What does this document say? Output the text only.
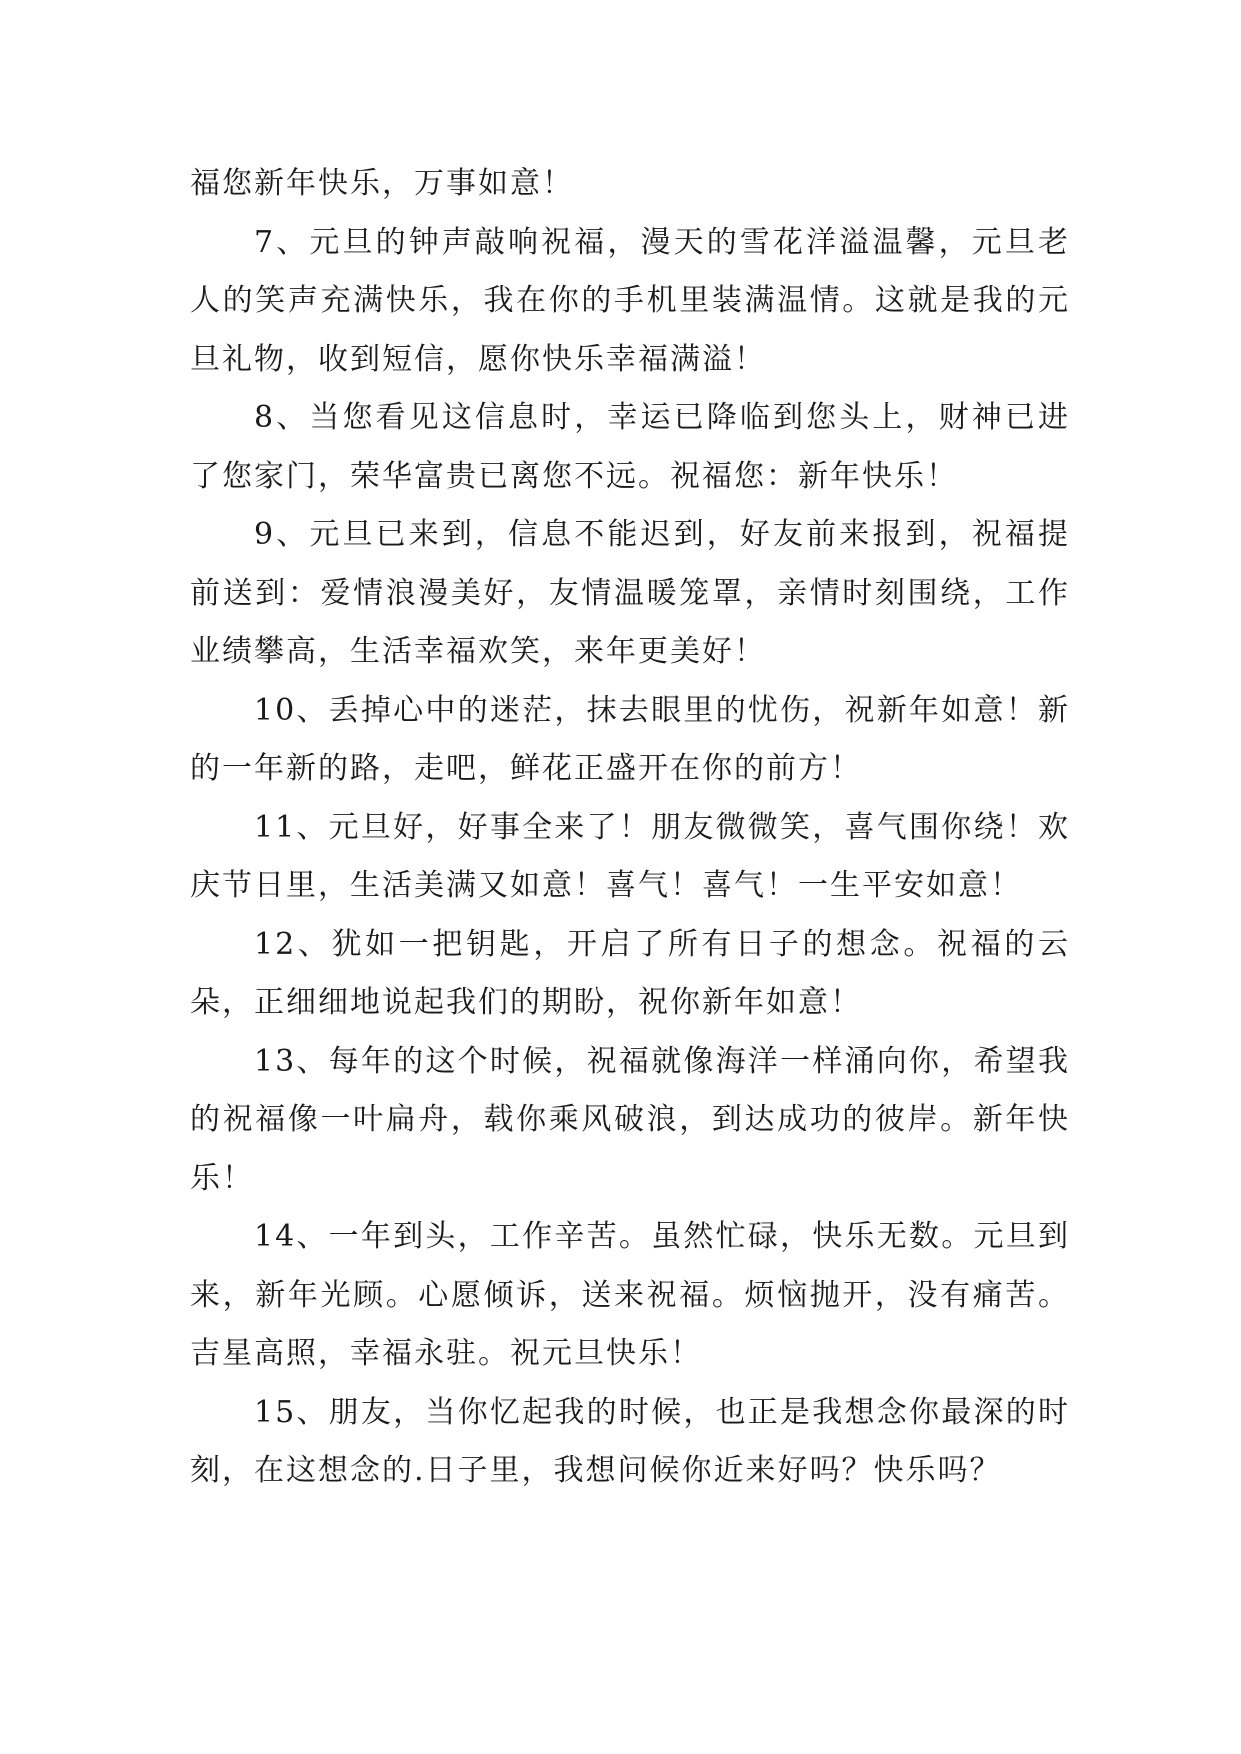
福您新年快乐，万事如意！

7、元旦的钟声敲响祝福，漫天的雪花洋溢温馨，元旦老人的笑声充满快乐，我在你的手机里装满温情。这就是我的元旦礼物，收到短信，愿你快乐幸福满溢！

8、当您看见这信息时，幸运已降临到您头上，财神已进了您家门，荣华富贵已离您不远。祝福您：新年快乐！

9、元旦已来到，信息不能迟到，好友前来报到，祝福提前送到：爱情浪漫美好，友情温暖笼罩，亲情时刻围绕，工作业绩攀高，生活幸福欢笑，来年更美好！

10、丢掉心中的迷茫，抹去眼里的忧伤，祝新年如意！新的一年新的路，走吧，鲜花正盛开在你的前方！

11、元旦好，好事全来了！朋友微微笑，喜气围你绕！欢庆节日里，生活美满又如意！喜气！喜气！一生平安如意！

12、犹如一把钥匙，开启了所有日子的想念。祝福的云朵，正细细地说起我们的期盼，祝你新年如意！

13、每年的这个时候，祝福就像海洋一样涌向你，希望我的祝福像一叶扁舟，载你乘风破浪，到达成功的彼岸。新年快乐！

14、一年到头，工作辛苦。虽然忙碌，快乐无数。元旦到来，新年光顾。心愿倾诉，送来祝福。烦恼抛开，没有痛苦。吉星高照，幸福永驻。祝元旦快乐！

15、朋友，当你忆起我的时候，也正是我想念你最深的时刻，在这想念的.日子里，我想问候你近来好吗？快乐吗？
